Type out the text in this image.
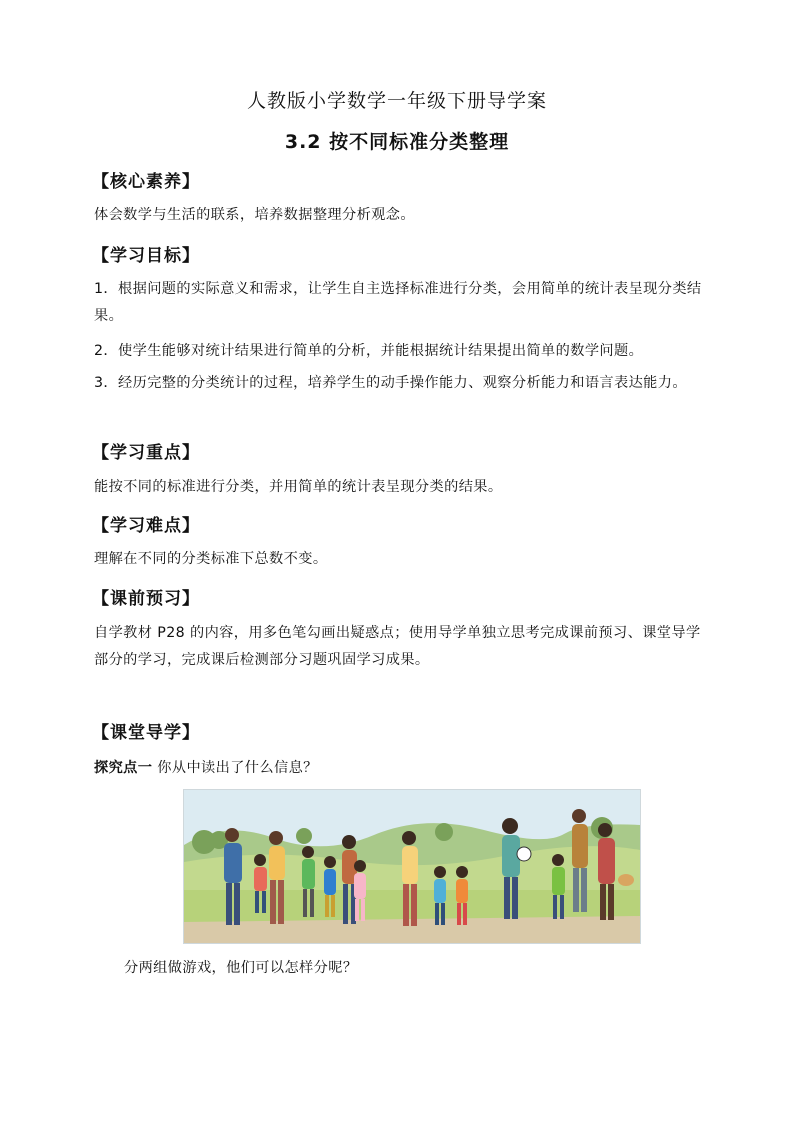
人教版小学数学一年级下册导学案
3.2 按不同标准分类整理
【核心素养】
体会数学与生活的联系，培养数据整理分析观念。
【学习目标】
1．根据问题的实际意义和需求，让学生自主选择标准进行分类，会用简单的统计表呈现分类结果。
2．使学生能够对统计结果进行简单的分析，并能根据统计结果提出简单的数学问题。
3．经历完整的分类统计的过程，培养学生的动手操作能力、观察分析能力和语言表达能力。
【学习重点】
能按不同的标准进行分类，并用简单的统计表呈现分类的结果。
【学习难点】
理解在不同的分类标准下总数不变。
【课前预习】
自学教材 P28 的内容，用多色笔勾画出疑惑点；使用导学单独立思考完成课前预习、课堂导学部分的学习，完成课后检测部分习题巩固学习成果。
【课堂导学】
探究点一 你从中读出了什么信息？
分两组做游戏，他们可以怎样分呢？
